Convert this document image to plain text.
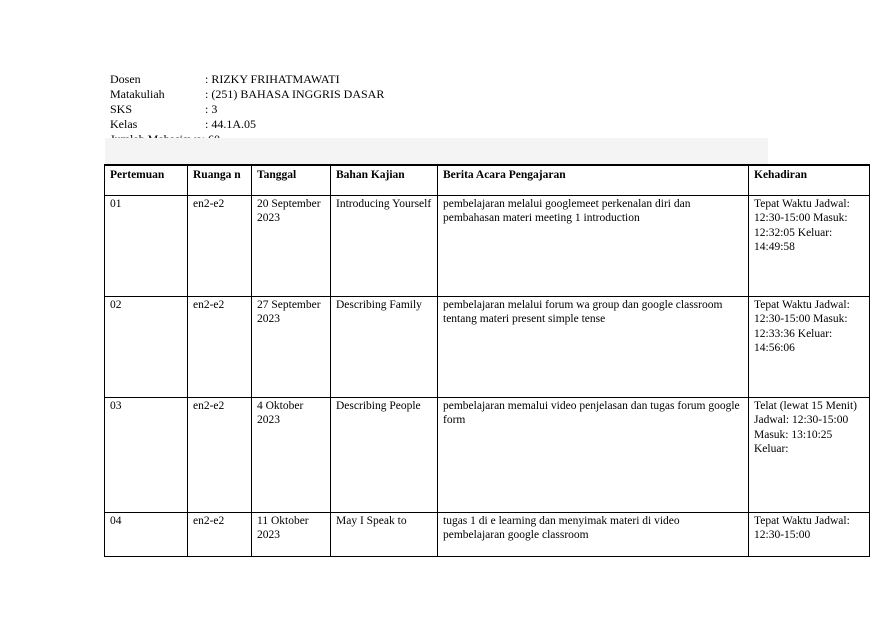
Dosen	: RIZKY FRIHATMAWATI
Matakuliah	: (251) BAHASA INGGRIS DASAR
SKS	: 3
Kelas	: 44.1A.05
Pertemuan	Ruanga n	Tanggal	Bahan Kajian	Berita Acara Pengajaran	Kehadiran
01	en2-e2	20 September 2023	Introducing Yourself	pembelajaran melalui googlemeet perkenalan diri dan pembahasan materi meeting 1 introduction	Tepat Waktu Jadwal: 12:30-15:00 Masuk: 12:32:05 Keluar: 14:49:58
02	en2-e2	27 September 2023	Describing Family	pembelajaran melalui forum wa group dan google classroom tentang materi present simple tense	Tepat Waktu Jadwal: 12:30-15:00 Masuk: 12:33:36 Keluar: 14:56:06
03	en2-e2	4 Oktober 2023	Describing People	pembelajaran memalui video penjelasan dan tugas forum google form	Telat (lewat 15 Menit) Jadwal: 12:30-15:00 Masuk: 13:10:25 Keluar:
04	en2-e2	11 Oktober 2023	May I Speak to	tugas 1 di e learning dan menyimak materi di video pembelajaran google classroom	Tepat Waktu Jadwal: 12:30-15:00
